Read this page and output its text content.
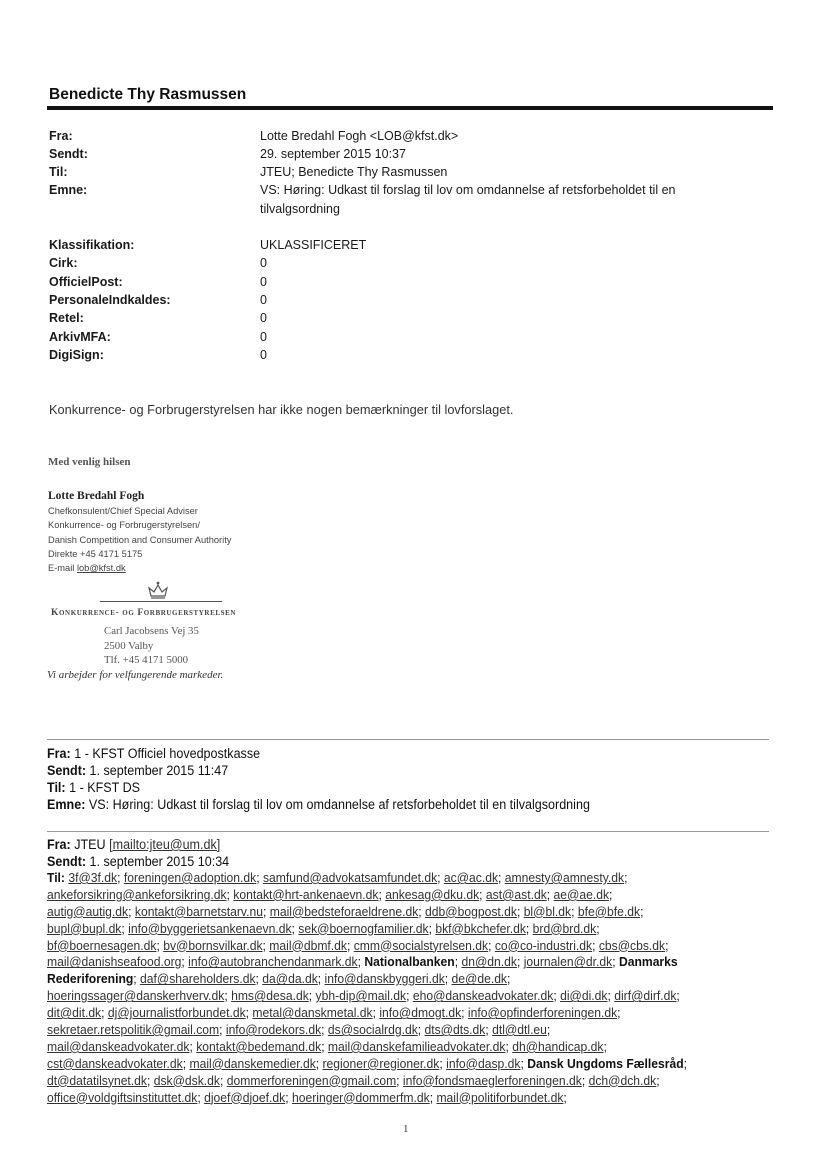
Benedicte Thy Rasmussen
Fra:	Lotte Bredahl Fogh <LOB@kfst.dk>
Sendt:	29. september 2015 10:37
Til:	JTEU; Benedicte Thy Rasmussen
Emne:	VS: Høring: Udkast til forslag til lov om omdannelse af retsforbeholdet til en
tilvalgsordning
Klassifikation:	UKLASSIFICERET
Cirk:	0
OfficielPost:	0
PersonaleIndkaldes:	0
Retel:	0
ArkivMFA:	0
DigiSign:	0
Konkurrence- og Forbrugerstyrelsen har ikke nogen bemærkninger til lovforslaget.
Med venlig hilsen
Lotte Bredahl Fogh
Chefkonsulent/Chief Special Adviser
Konkurrence- og Forbrugerstyrelsen/
Danish Competition and Consumer Authority
Direkte +45 4171 5175
E-mail lob@kfst.dk
Konkurrence- og Forbrugerstyrelsen
Carl Jacobsens Vej 35
2500 Valby
Tlf. +45 4171 5000
Vi arbejder for velfungerende markeder.
Fra: 1 - KFST Officiel hovedpostkasse
Sendt: 1. september 2015 11:47
Til: 1 - KFST DS
Emne: VS: Høring: Udkast til forslag til lov om omdannelse af retsforbeholdet til en tilvalgsordning
Fra: JTEU [mailto:jteu@um.dk]
Sendt: 1. september 2015 10:34
Til: 3f@3f.dk; foreningen@adoption.dk; samfund@advokatsamfundet.dk; ac@ac.dk; amnesty@amnesty.dk;
ankeforsikring@ankeforsikring.dk; kontakt@hrt-ankenaevn.dk; ankesag@dku.dk; ast@ast.dk; ae@ae.dk;
autig@autig.dk; kontakt@barnetstarv.nu; mail@bedsteforaeldrene.dk; ddb@bogpost.dk; bl@bl.dk; bfe@bfe.dk;
bupl@bupl.dk; info@byggerietsankenaevn.dk; sek@boernogfamilier.dk; bkf@bkchefer.dk; brd@brd.dk;
bf@boernesagen.dk; bv@bornsvilkar.dk; mail@dbmf.dk; cmm@socialstyrelsen.dk; co@co-industri.dk; cbs@cbs.dk;
mail@danishseafood.org; info@autobranchendanmark.dk; Nationalbanken; dn@dn.dk; journalen@dr.dk; Danmarks
Rederiforening; daf@shareholders.dk; da@da.dk; info@danskbyggeri.dk; de@de.dk;
hoeringssager@danskerhverv.dk; hms@desa.dk; ybh-dip@mail.dk; eho@danskeadvokater.dk; di@di.dk; dirf@dirf.dk;
dit@dit.dk; dj@journalistforbundet.dk; metal@danskmetal.dk; info@dmogt.dk; info@opfinderforeningen.dk;
sekretaer.retspolitik@gmail.com; info@rodekors.dk; ds@socialrdg.dk; dts@dts.dk; dtl@dtl.eu;
mail@danskeadvokater.dk; kontakt@bedemand.dk; mail@danskefamilieadvokater.dk; dh@handicap.dk;
cst@danskeadvokater.dk; mail@danskemedier.dk; regioner@regioner.dk; info@dasp.dk; Dansk Ungdoms Fællesråd;
dt@datatilsynet.dk; dsk@dsk.dk; dommerforeningen@gmail.com; info@fondsmaeglerforeningen.dk; dch@dch.dk;
office@voldgiftsinstituttet.dk; djoef@djoef.dk; hoeringer@dommerfm.dk; mail@politiforbundet.dk;
1
